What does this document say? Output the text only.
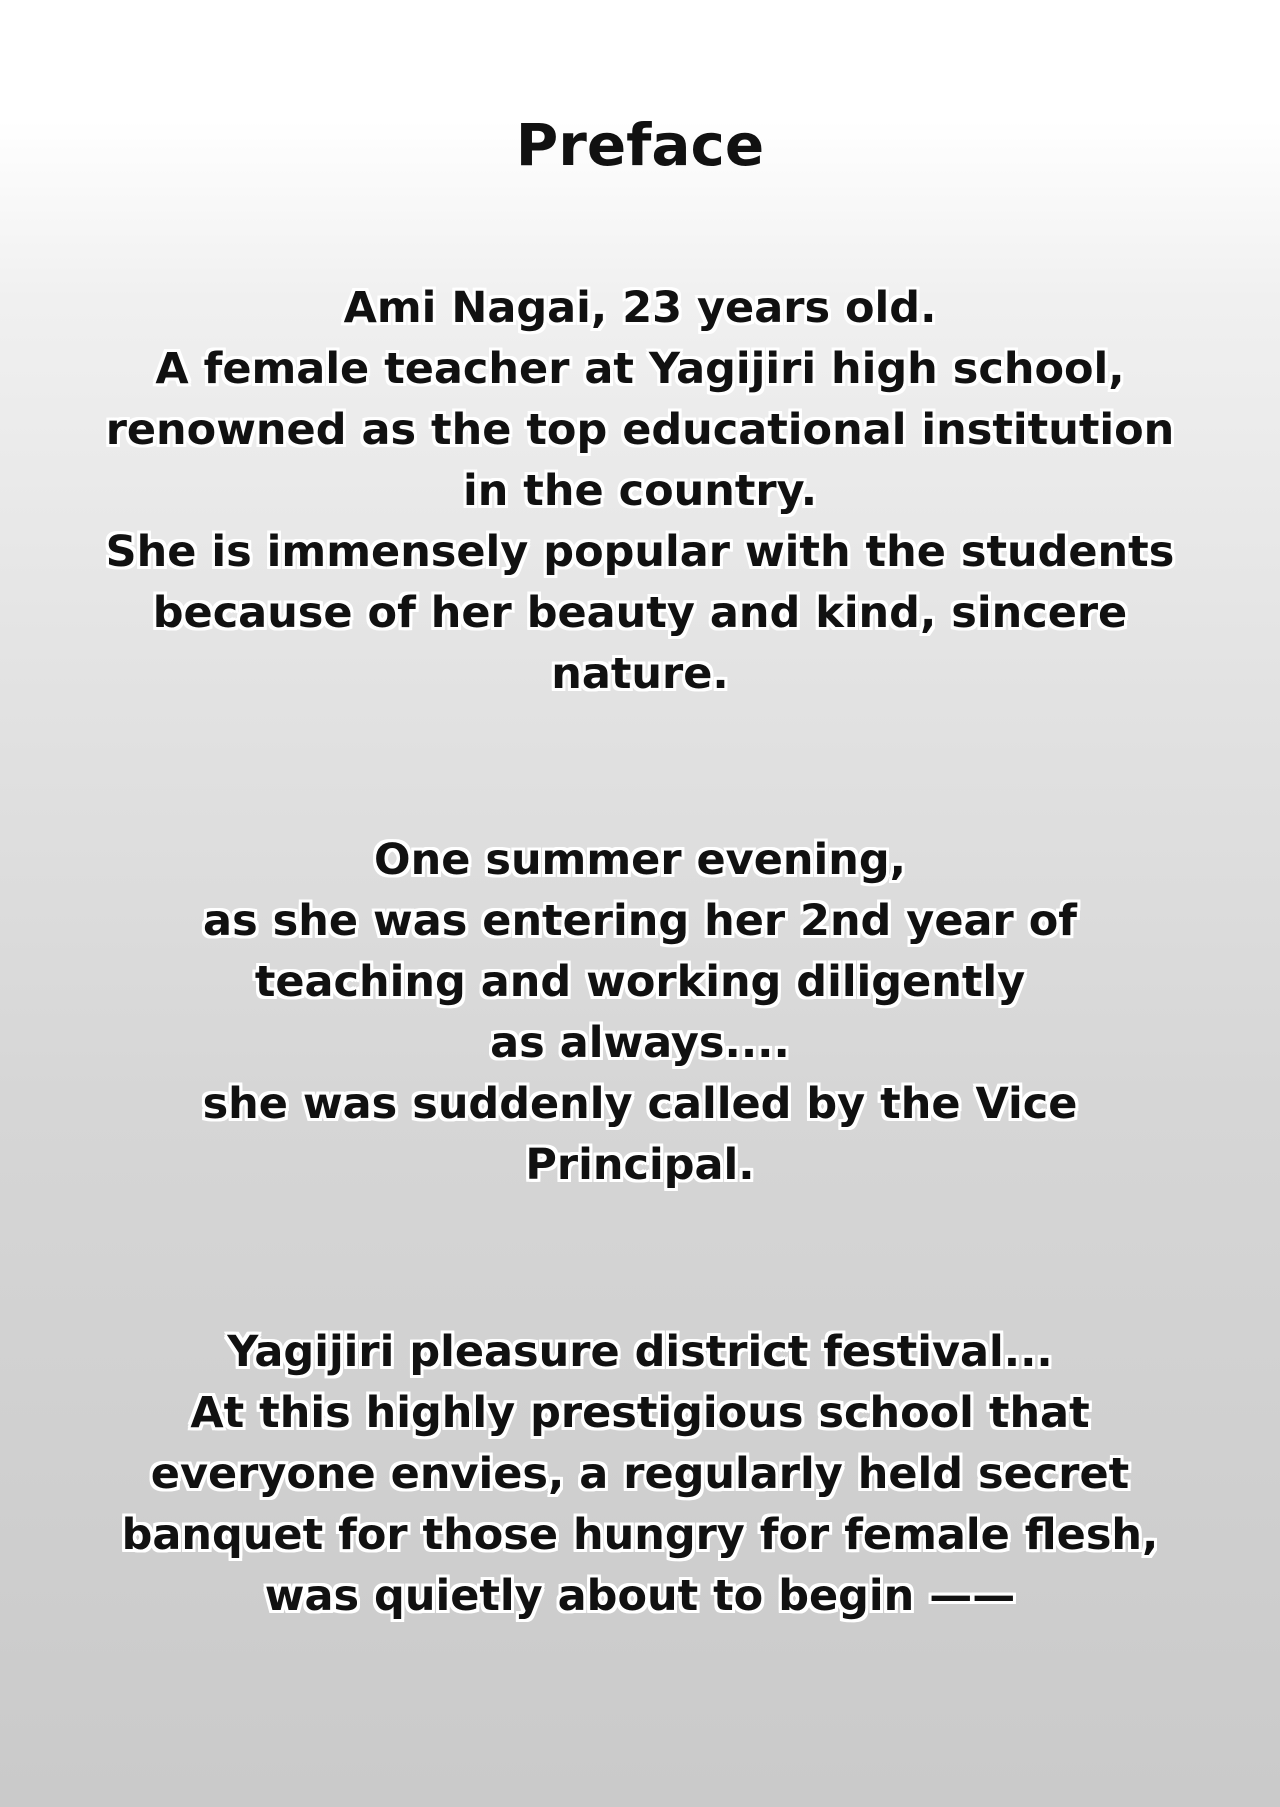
Preface
Ami Nagai, 23 years old.
A female teacher at Yagijiri high school,
renowned as the top educational institution
in the country.
She is immensely popular with the students
because of her beauty and kind, sincere
nature.
One summer evening,
as she was entering her 2nd year of
teaching and working diligently
as always....
she was suddenly called by the Vice
Principal.
Yagijiri pleasure district festival...
At this highly prestigious school that
everyone envies, a regularly held secret
banquet for those hungry for female flesh,
was quietly about to begin ——
